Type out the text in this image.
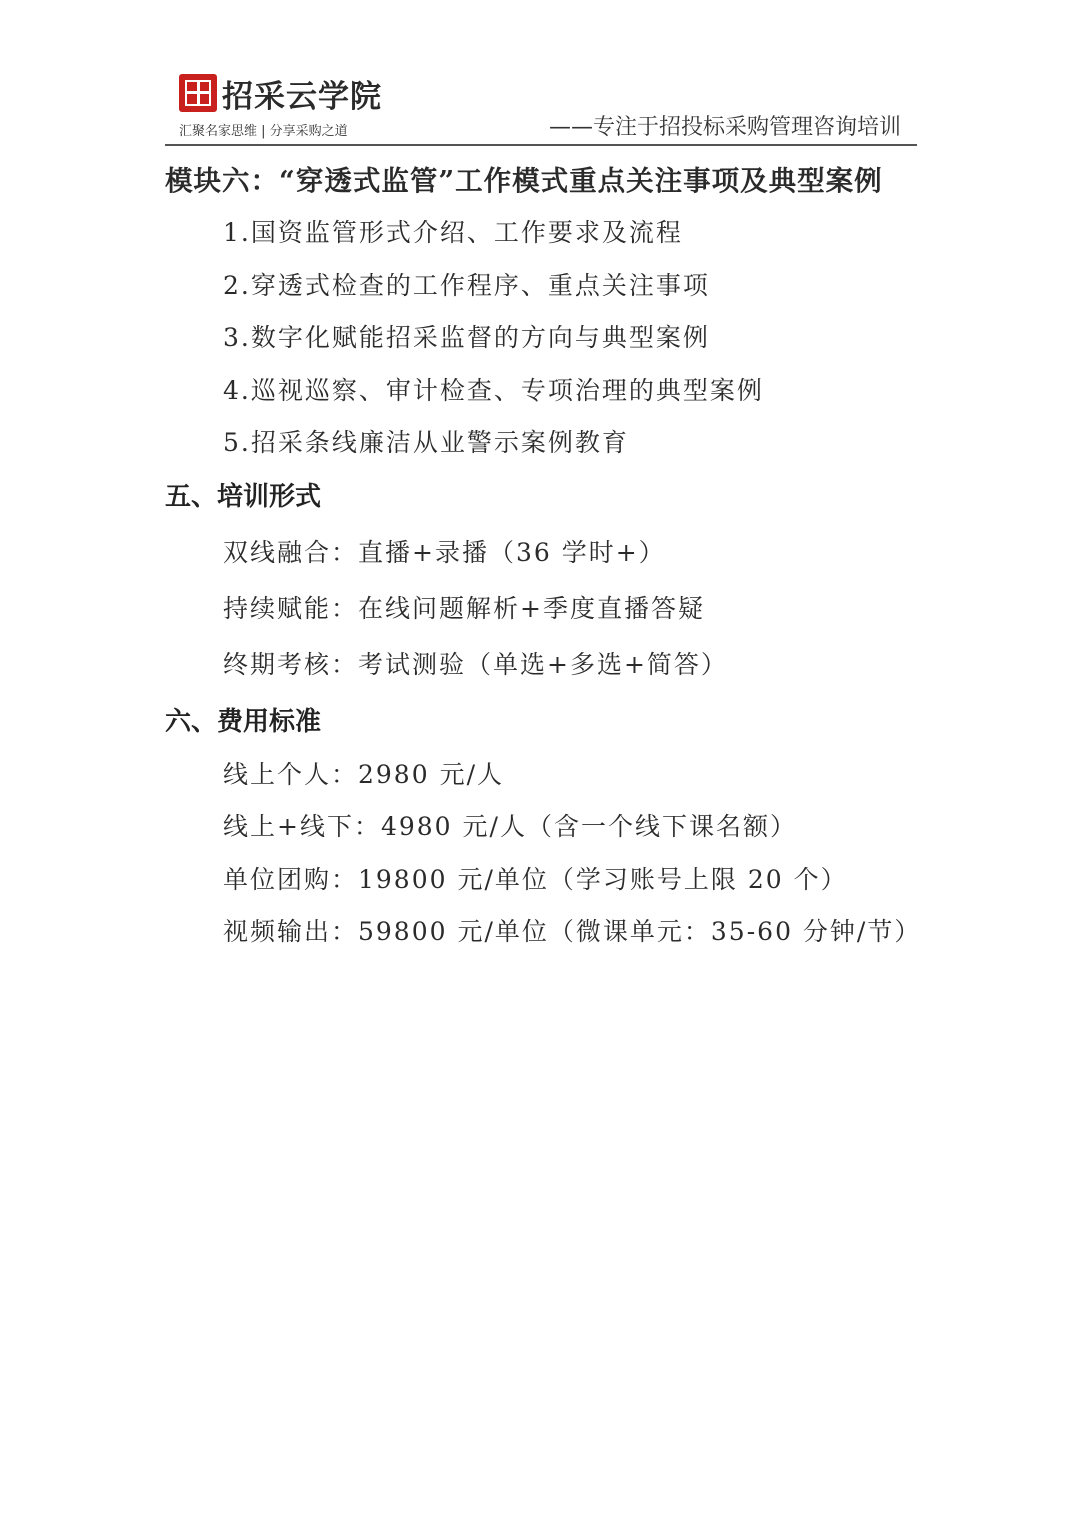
招采云学院
汇聚名家思维 | 分享采购之道	——专注于招投标采购管理咨询培训
模块六：“穿透式监管”工作模式重点关注事项及典型案例
1.国资监管形式介绍、工作要求及流程
2.穿透式检查的工作程序、重点关注事项
3.数字化赋能招采监督的方向与典型案例
4.巡视巡察、审计检查、专项治理的典型案例
5.招采条线廉洁从业警示案例教育
五、培训形式
双线融合：直播+录播（36 学时+）
持续赋能：在线问题解析+季度直播答疑
终期考核：考试测验（单选+多选+简答）
六、费用标准
线上个人：2980 元/人
线上+线下：4980 元/人（含一个线下课名额）
单位团购：19800 元/单位（学习账号上限 20 个）
视频输出：59800 元/单位（微课单元：35-60 分钟/节）
